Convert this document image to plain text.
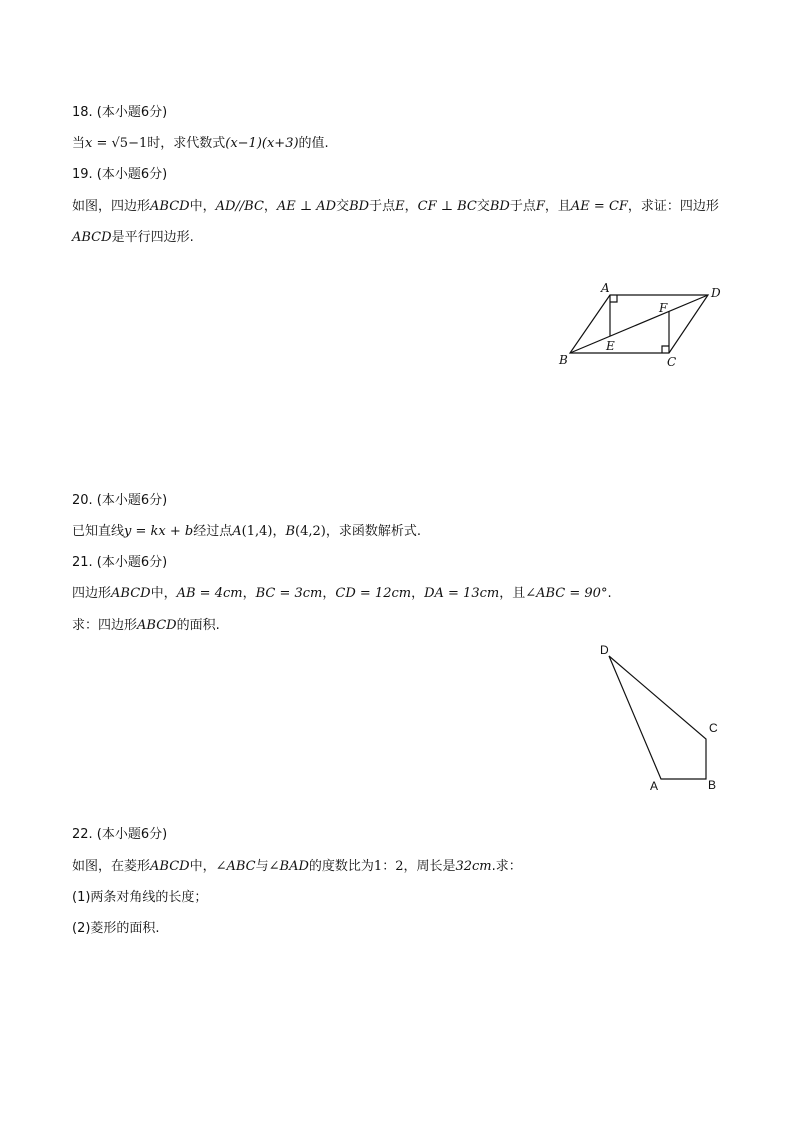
18. (本小题6分)
当x = √5−1时，求代数式(x−1)(x+3)的值.
19. (本小题6分)
如图，四边形ABCD中，AD//BC，AE ⊥ AD交BD于点E，CF ⊥ BC交BD于点F，且AE = CF，求证：四边形
ABCD是平行四边形.
A	D
B	C
E
F
20. (本小题6分)
已知直线y = kx + b经过点A(1,4)，B(4,2)，求函数解析式.
21. (本小题6分)
四边形ABCD中，AB = 4cm，BC = 3cm，CD = 12cm，DA = 13cm，且∠ABC = 90°.
求：四边形ABCD的面积.
D
C
A	B
22. (本小题6分)
如图，在菱形ABCD中，∠ABC与∠BAD的度数比为1：2，周长是32cm.求：
(1)两条对角线的长度；
(2)菱形的面积.
